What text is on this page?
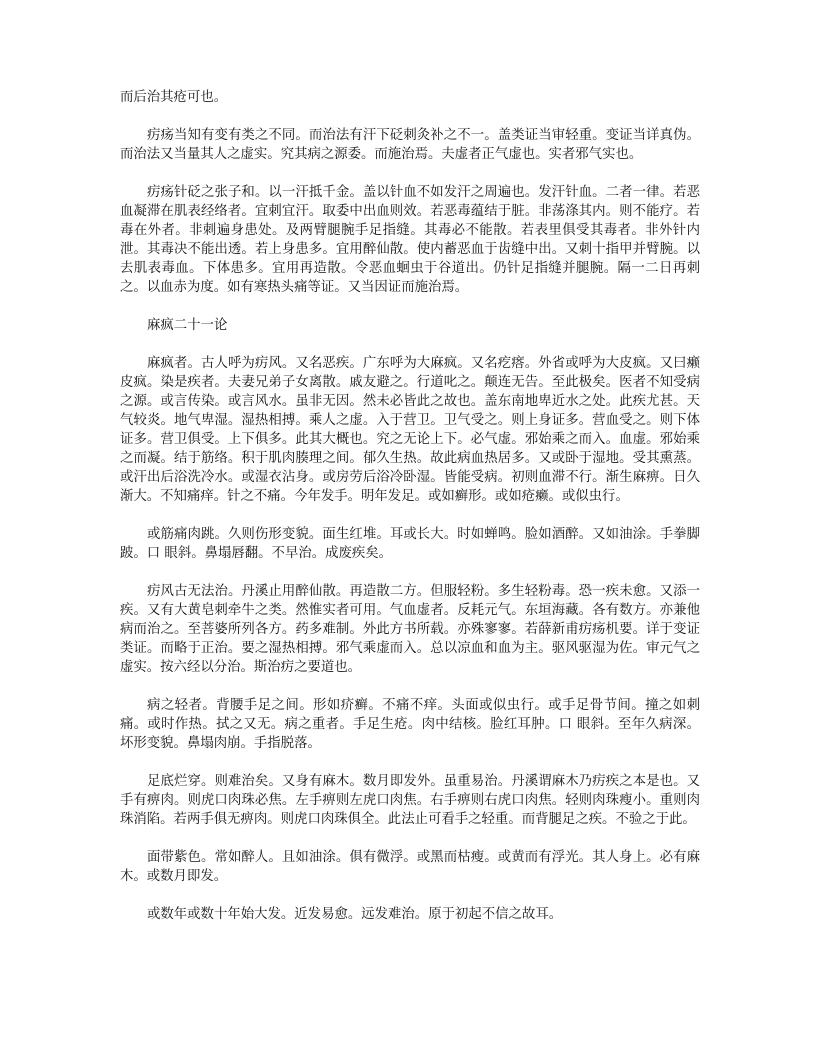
而后治其疮可也。

疠疡当知有变有类之不同。而治法有汗下砭刺灸补之不一。盖类证当审轻重。变证当详真伪。而治法又当量其人之虚实。究其病之源委。而施治焉。夫虚者正气虚也。实者邪气实也。

疠疡针砭之张子和。以一汗抵千金。盖以针血不如发汗之周遍也。发汗针血。二者一律。若恶血凝滞在肌表经络者。宜刺宜汗。取委中出血则效。若恶毒蕴结于脏。非荡涤其内。则不能疗。若毒在外者。非刺遍身患处。及两臂腿腕手足指缝。其毒必不能散。若表里俱受其毒者。非外针内泄。其毒决不能出透。若上身患多。宜用醉仙散。使内蓄恶血于齿缝中出。又刺十指甲并臂腕。以去肌表毒血。下体患多。宜用再造散。令恶血蛔虫于谷道出。仍针足指缝并腿腕。隔一二日再刺之。以血赤为度。如有寒热头痛等证。又当因证而施治焉。

麻疯二十一论

麻疯者。古人呼为疠风。又名恶疾。广东呼为大麻疯。又名疙瘩。外省或呼为大皮疯。又曰癞皮疯。染是疾者。夫妻兄弟子女离散。戚友避之。行道叱之。颠连无告。至此极矣。医者不知受病之源。或言传染。或言风水。虽非无因。然未必皆此之故也。盖东南地卑近水之处。此疾尤甚。天气较炎。地气卑湿。湿热相搏。乘人之虚。入于营卫。卫气受之。则上身证多。营血受之。则下体证多。营卫俱受。上下俱多。此其大概也。究之无论上下。必气虚。邪始乘之而入。血虚。邪始乘之而凝。结于筋络。积于肌肉腠理之间。郁久生热。故此病血热居多。又或卧于湿地。受其熏蒸。或汗出后浴洗冷水。或湿衣沾身。或房劳后浴冷卧湿。皆能受病。初则血滞不行。渐生麻痹。日久渐大。不知痛痒。针之不痛。今年发手。明年发足。或如癣形。或如疮癞。或似虫行。

或筋痛肉跳。久则伤形变貌。面生红堆。耳或长大。时如蝉鸣。脸如酒醉。又如油涂。手拳脚跛。口 眼斜。鼻塌唇翻。不早治。成废疾矣。

疠风古无法治。丹溪止用醉仙散。再造散二方。但服轻粉。多生轻粉毒。恐一疾未愈。又添一疾。又有大黄皂刺牵牛之类。然惟实者可用。气血虚者。反耗元气。东垣海藏。各有数方。亦兼他病而治之。至菩婆所列各方。药多难制。外此方书所载。亦殊寥寥。若薛新甫疠疡机要。详于变证类证。而略于正治。要之湿热相搏。邪气乘虚而入。总以凉血和血为主。驱风驱湿为佐。审元气之虚实。按六经以分治。斯治疠之要道也。

病之轻者。背腰手足之间。形如疥癣。不痛不痒。头面或似虫行。或手足骨节间。撞之如刺痛。或时作热。拭之又无。病之重者。手足生疮。肉中结核。脸红耳肿。口 眼斜。至年久病深。坏形变貌。鼻塌肉崩。手指脱落。

足底烂穿。则难治矣。又身有麻木。数月即发外。虽重易治。丹溪谓麻木乃疠疾之本是也。又手有痹肉。则虎口肉珠必焦。左手痹则左虎口肉焦。右手痹则右虎口肉焦。轻则肉珠瘦小。重则肉珠消陷。若两手俱无痹肉。则虎口肉珠俱全。此法止可看手之轻重。而背腿足之疾。不验之于此。

面带紫色。常如醉人。且如油涂。俱有微浮。或黑而枯瘦。或黄而有浮光。其人身上。必有麻木。或数月即发。

或数年或数十年始大发。近发易愈。远发难治。原于初起不信之故耳。
